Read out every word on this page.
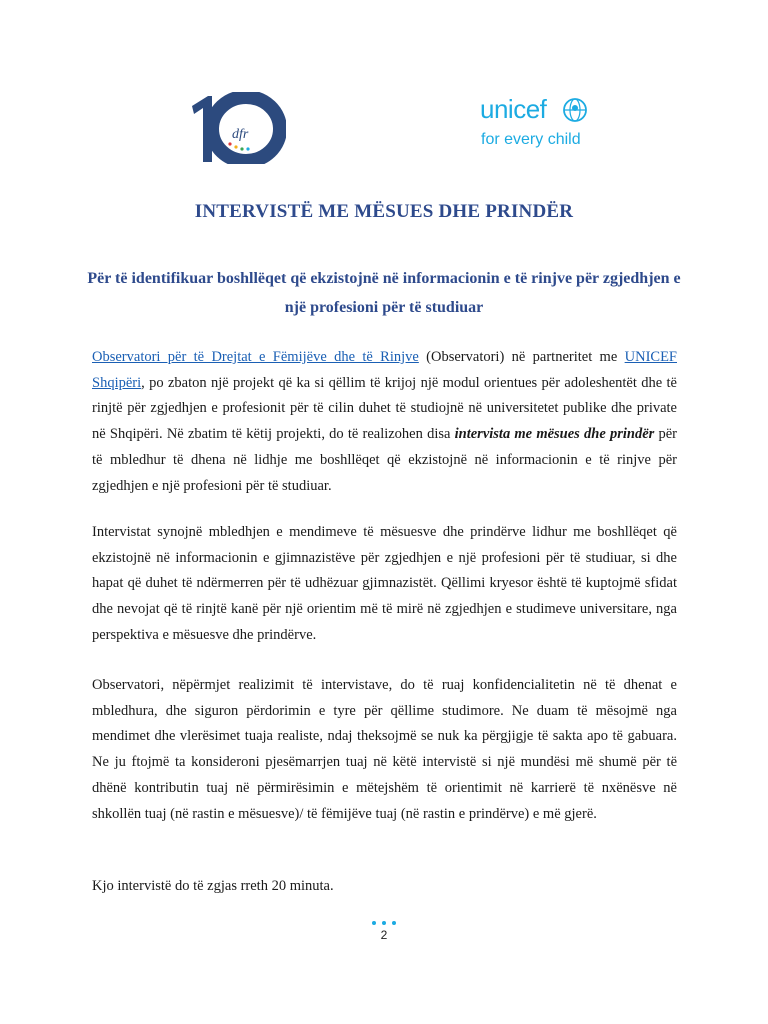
dfr
unicef
for every child
INTERVISTË ME MËSUES DHE PRINDËR
Për të identifikuar boshllëqet që ekzistojnë në informacionin e të rinjve për zgjedhjen e një profesioni për të studiuar

Observatori për të Drejtat e Fëmijëve dhe të Rinjve (Observatori) në partneritet me UNICEF Shqipëri, po zbaton një projekt që ka si qëllim të krijoj një modul orientues për adoleshentët dhe të rinjtë për zgjedhjen e profesionit për të cilin duhet të studiojnë në universitetet publike dhe private në Shqipëri. Në zbatim të këtij projekti, do të realizohen disa intervista me mësues dhe prindër për të mbledhur të dhena në lidhje me boshllëqet që ekzistojnë në informacionin e të rinjve për zgjedhjen e një profesioni për të studiuar.

Intervistat synojnë mbledhjen e mendimeve të mësuesve dhe prindërve lidhur me boshllëqet që ekzistojnë në informacionin e gjimnazistëve për zgjedhjen e një profesioni për të studiuar, si dhe hapat që duhet të ndërmerren për të udhëzuar gjimnazistët. Qëllimi kryesor është të kuptojmë sfidat dhe nevojat që të rinjtë kanë për një orientim më të mirë në zgjedhjen e studimeve universitare, nga perspektiva e mësuesve dhe prindërve.

Observatori, nëpërmjet realizimit të intervistave, do të ruaj konfidencialitetin në të dhenat e mbledhura, dhe siguron përdorimin e tyre për qëllime studimore. Ne duam të mësojmë nga mendimet dhe vlerësimet tuaja realiste, ndaj theksojmë se nuk ka përgjigje të sakta apo të gabuara. Ne ju ftojmë ta konsideroni pjesëmarrjen tuaj në këtë intervistë si një mundësi më shumë për të dhënë kontributin tuaj në përmirësimin e mëtejshëm të orientimit në karrierë të nxënësve në shkollën tuaj (në rastin e mësuesve)/ të fëmijëve tuaj (në rastin e prindërve) e më gjerë.

Kjo intervistë do të zgjas rreth 20 minuta.

2
